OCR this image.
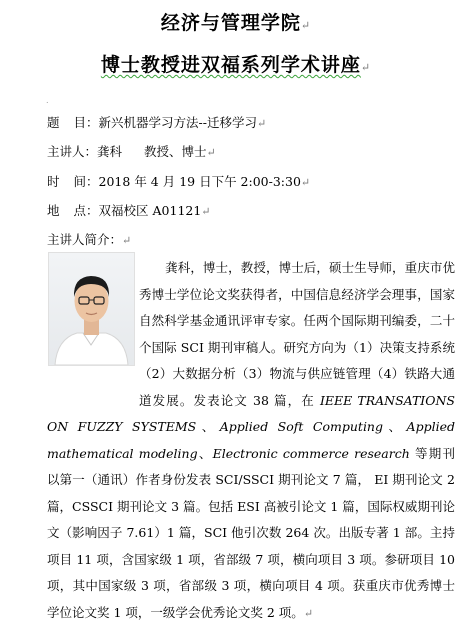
经济与管理学院↵
博士教授进双福系列学术讲座↵
.
题 目：新兴机器学习方法--迁移学习↵
主讲人：龚科 教授、博士↵
时 间：2018 年 4 月 19 日下午 2:00-3:30↵
地 点：双福校区 A01121↵
主讲人简介：↵

龚科，博士，教授，博士后，硕士生导师，重庆市优秀博士学位论文奖获得者，中国信息经济学会理事，国家自然科学基金通讯评审专家。任两个国际期刊编委，二十个国际 SCI 期刊审稿人。研究方向为（1）决策支持系统（2）大数据分析（3）物流与供应链管理（4）铁路大通道发展。发表论文 38 篇，在 IEEE TRANSATIONS ON FUZZY SYSTEMS、Applied Soft Computing、Applied mathematical modeling、Electronic commerce research 等期刊以第一（通讯）作者身份发表 SCI/SSCI 期刊论文 7 篇， EI 期刊论文 2 篇，CSSCI 期刊论文 3 篇。包括 ESI 高被引论文 1 篇，国际权威期刊论文（影响因子 7.61）1 篇，SCI 他引次数 264 次。出版专著 1 部。主持项目 11 项，含国家级 1 项，省部级 7 项，横向项目 3 项。参研项目 10 项，其中国家级 3 项，省部级 3 项，横向项目 4 项。获重庆市优秀博士学位论文奖 1 项，一级学会优秀论文奖 2 项。↵
